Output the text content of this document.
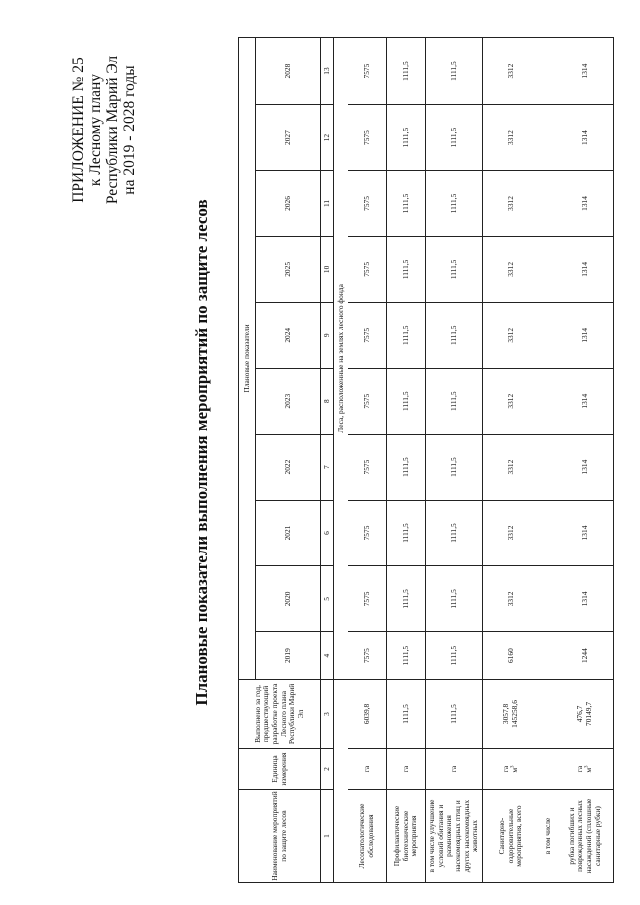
ПРИЛОЖЕНИЕ № 25 к Лесному плану Республики Марий Эл на 2019 - 2028 годы
Плановые показатели выполнения мероприятий по защите лесов
Наименование мероприятий по защите лесов	Единица измерения	Выполнено за год, предшествующий разработке проекта Лесного плана Республики Марий Эл	Плановые показатели									
			2019	2020	2021	2022	2023	2024	2025	2026	2027	2028
1	2	3	4	5	6	7	8	9	10	11	12	13
			Леса, расположенные на землях лесного фонда									
Лесопатологические обследования	га	6039,8	7575	7575	7575	7575	7575	7575	7575	7575	7575	7575
Профилактические биотехнические мероприятия	га	1111,5	1111,5	1111,5	1111,5	1111,5	1111,5	1111,5	1111,5	1111,5	1111,5	1111,5
в том числе улучшение условий обитания и размножения насекомоядных птиц и других насекомоядных животных	га	1111,5	1111,5	1111,5	1111,5	1111,5	1111,5	1111,5	1111,5	1111,5	1111,5	1111,5
Санитарно-оздоровительные мероприятия, всего	га $м^3$	3057,8 145258,6	6160	3312	3312	3312	3312	3312	3312	3312	3312	3312
в том числе												
рубка погибших и поврежденных лесных насаждений (сплошные санитарные рубки)	га $м^3$	476,7 70149,7	1244	1314	1314	1314	1314	1314	1314	1314	1314	1314
